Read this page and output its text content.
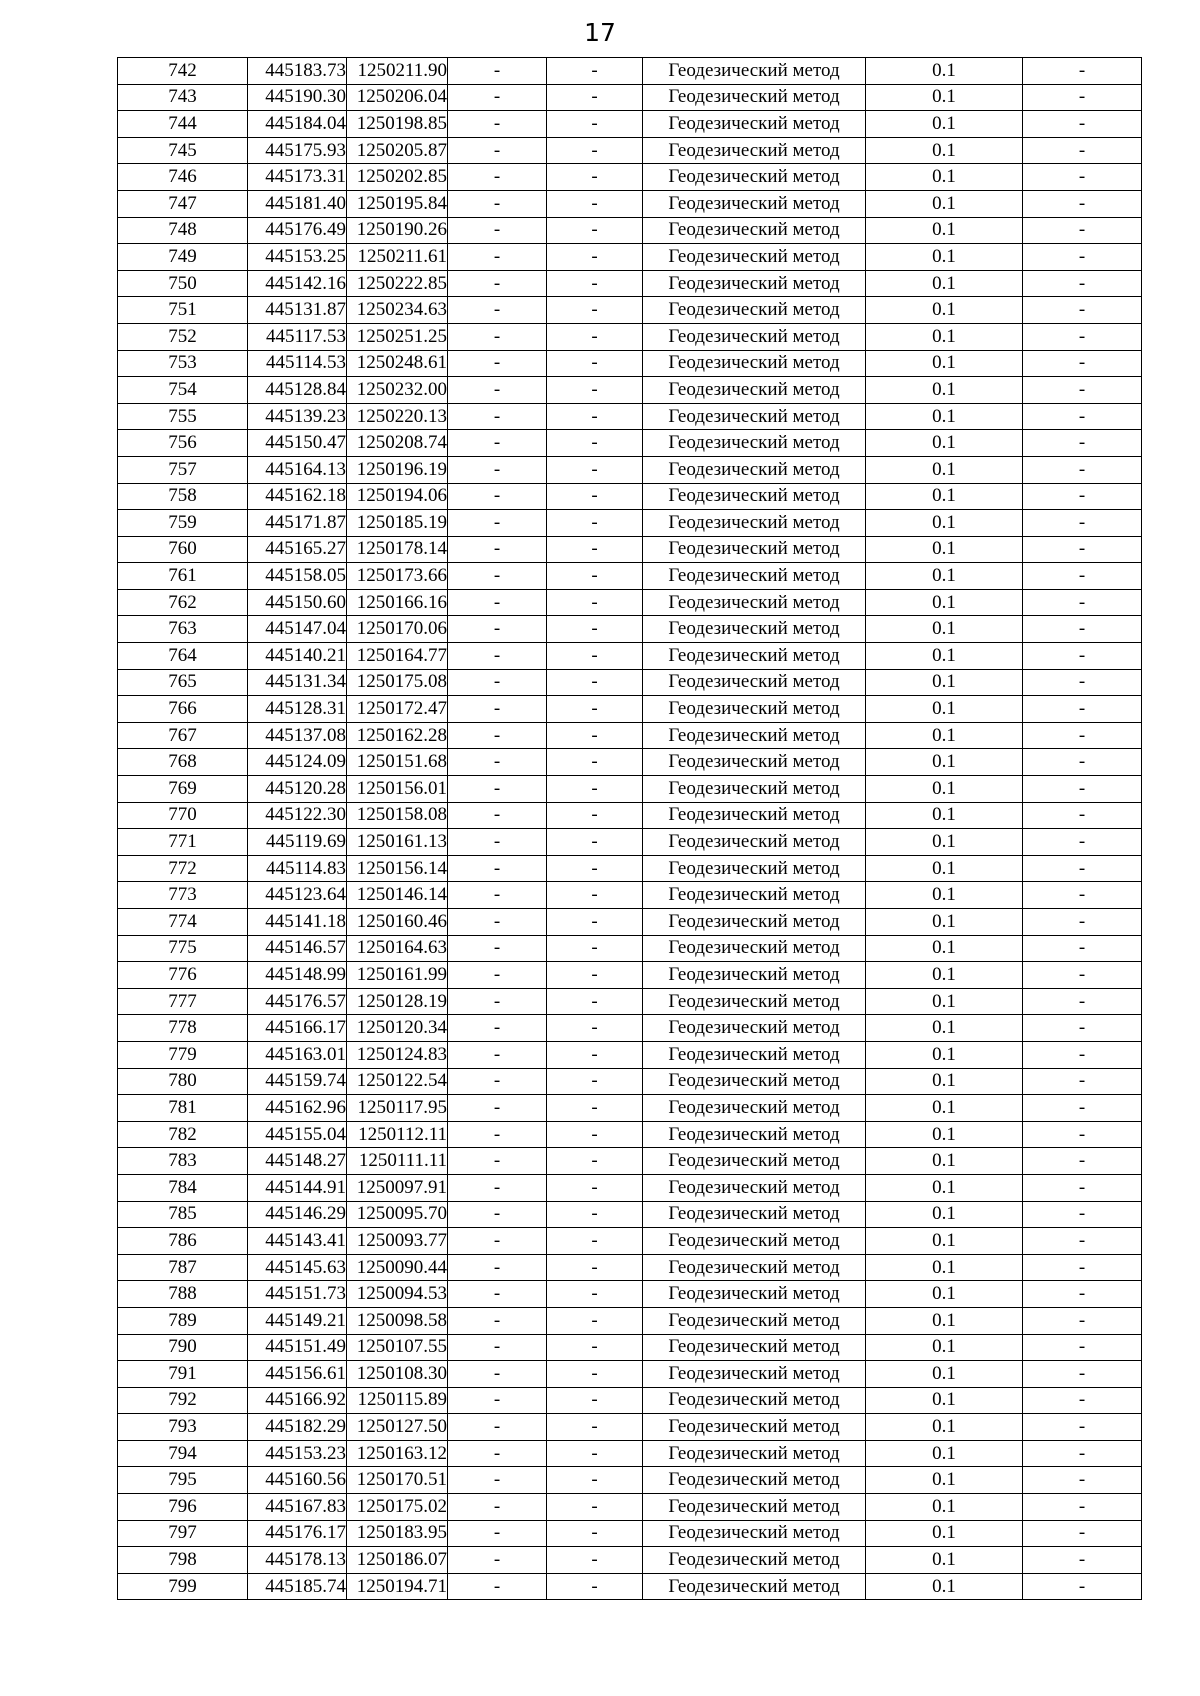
17
742	445183.73	1250211.90	-	-	Геодезический метод	0.1	-
743	445190.30	1250206.04	-	-	Геодезический метод	0.1	-
744	445184.04	1250198.85	-	-	Геодезический метод	0.1	-
745	445175.93	1250205.87	-	-	Геодезический метод	0.1	-
746	445173.31	1250202.85	-	-	Геодезический метод	0.1	-
747	445181.40	1250195.84	-	-	Геодезический метод	0.1	-
748	445176.49	1250190.26	-	-	Геодезический метод	0.1	-
749	445153.25	1250211.61	-	-	Геодезический метод	0.1	-
750	445142.16	1250222.85	-	-	Геодезический метод	0.1	-
751	445131.87	1250234.63	-	-	Геодезический метод	0.1	-
752	445117.53	1250251.25	-	-	Геодезический метод	0.1	-
753	445114.53	1250248.61	-	-	Геодезический метод	0.1	-
754	445128.84	1250232.00	-	-	Геодезический метод	0.1	-
755	445139.23	1250220.13	-	-	Геодезический метод	0.1	-
756	445150.47	1250208.74	-	-	Геодезический метод	0.1	-
757	445164.13	1250196.19	-	-	Геодезический метод	0.1	-
758	445162.18	1250194.06	-	-	Геодезический метод	0.1	-
759	445171.87	1250185.19	-	-	Геодезический метод	0.1	-
760	445165.27	1250178.14	-	-	Геодезический метод	0.1	-
761	445158.05	1250173.66	-	-	Геодезический метод	0.1	-
762	445150.60	1250166.16	-	-	Геодезический метод	0.1	-
763	445147.04	1250170.06	-	-	Геодезический метод	0.1	-
764	445140.21	1250164.77	-	-	Геодезический метод	0.1	-
765	445131.34	1250175.08	-	-	Геодезический метод	0.1	-
766	445128.31	1250172.47	-	-	Геодезический метод	0.1	-
767	445137.08	1250162.28	-	-	Геодезический метод	0.1	-
768	445124.09	1250151.68	-	-	Геодезический метод	0.1	-
769	445120.28	1250156.01	-	-	Геодезический метод	0.1	-
770	445122.30	1250158.08	-	-	Геодезический метод	0.1	-
771	445119.69	1250161.13	-	-	Геодезический метод	0.1	-
772	445114.83	1250156.14	-	-	Геодезический метод	0.1	-
773	445123.64	1250146.14	-	-	Геодезический метод	0.1	-
774	445141.18	1250160.46	-	-	Геодезический метод	0.1	-
775	445146.57	1250164.63	-	-	Геодезический метод	0.1	-
776	445148.99	1250161.99	-	-	Геодезический метод	0.1	-
777	445176.57	1250128.19	-	-	Геодезический метод	0.1	-
778	445166.17	1250120.34	-	-	Геодезический метод	0.1	-
779	445163.01	1250124.83	-	-	Геодезический метод	0.1	-
780	445159.74	1250122.54	-	-	Геодезический метод	0.1	-
781	445162.96	1250117.95	-	-	Геодезический метод	0.1	-
782	445155.04	1250112.11	-	-	Геодезический метод	0.1	-
783	445148.27	1250111.11	-	-	Геодезический метод	0.1	-
784	445144.91	1250097.91	-	-	Геодезический метод	0.1	-
785	445146.29	1250095.70	-	-	Геодезический метод	0.1	-
786	445143.41	1250093.77	-	-	Геодезический метод	0.1	-
787	445145.63	1250090.44	-	-	Геодезический метод	0.1	-
788	445151.73	1250094.53	-	-	Геодезический метод	0.1	-
789	445149.21	1250098.58	-	-	Геодезический метод	0.1	-
790	445151.49	1250107.55	-	-	Геодезический метод	0.1	-
791	445156.61	1250108.30	-	-	Геодезический метод	0.1	-
792	445166.92	1250115.89	-	-	Геодезический метод	0.1	-
793	445182.29	1250127.50	-	-	Геодезический метод	0.1	-
794	445153.23	1250163.12	-	-	Геодезический метод	0.1	-
795	445160.56	1250170.51	-	-	Геодезический метод	0.1	-
796	445167.83	1250175.02	-	-	Геодезический метод	0.1	-
797	445176.17	1250183.95	-	-	Геодезический метод	0.1	-
798	445178.13	1250186.07	-	-	Геодезический метод	0.1	-
799	445185.74	1250194.71	-	-	Геодезический метод	0.1	-
